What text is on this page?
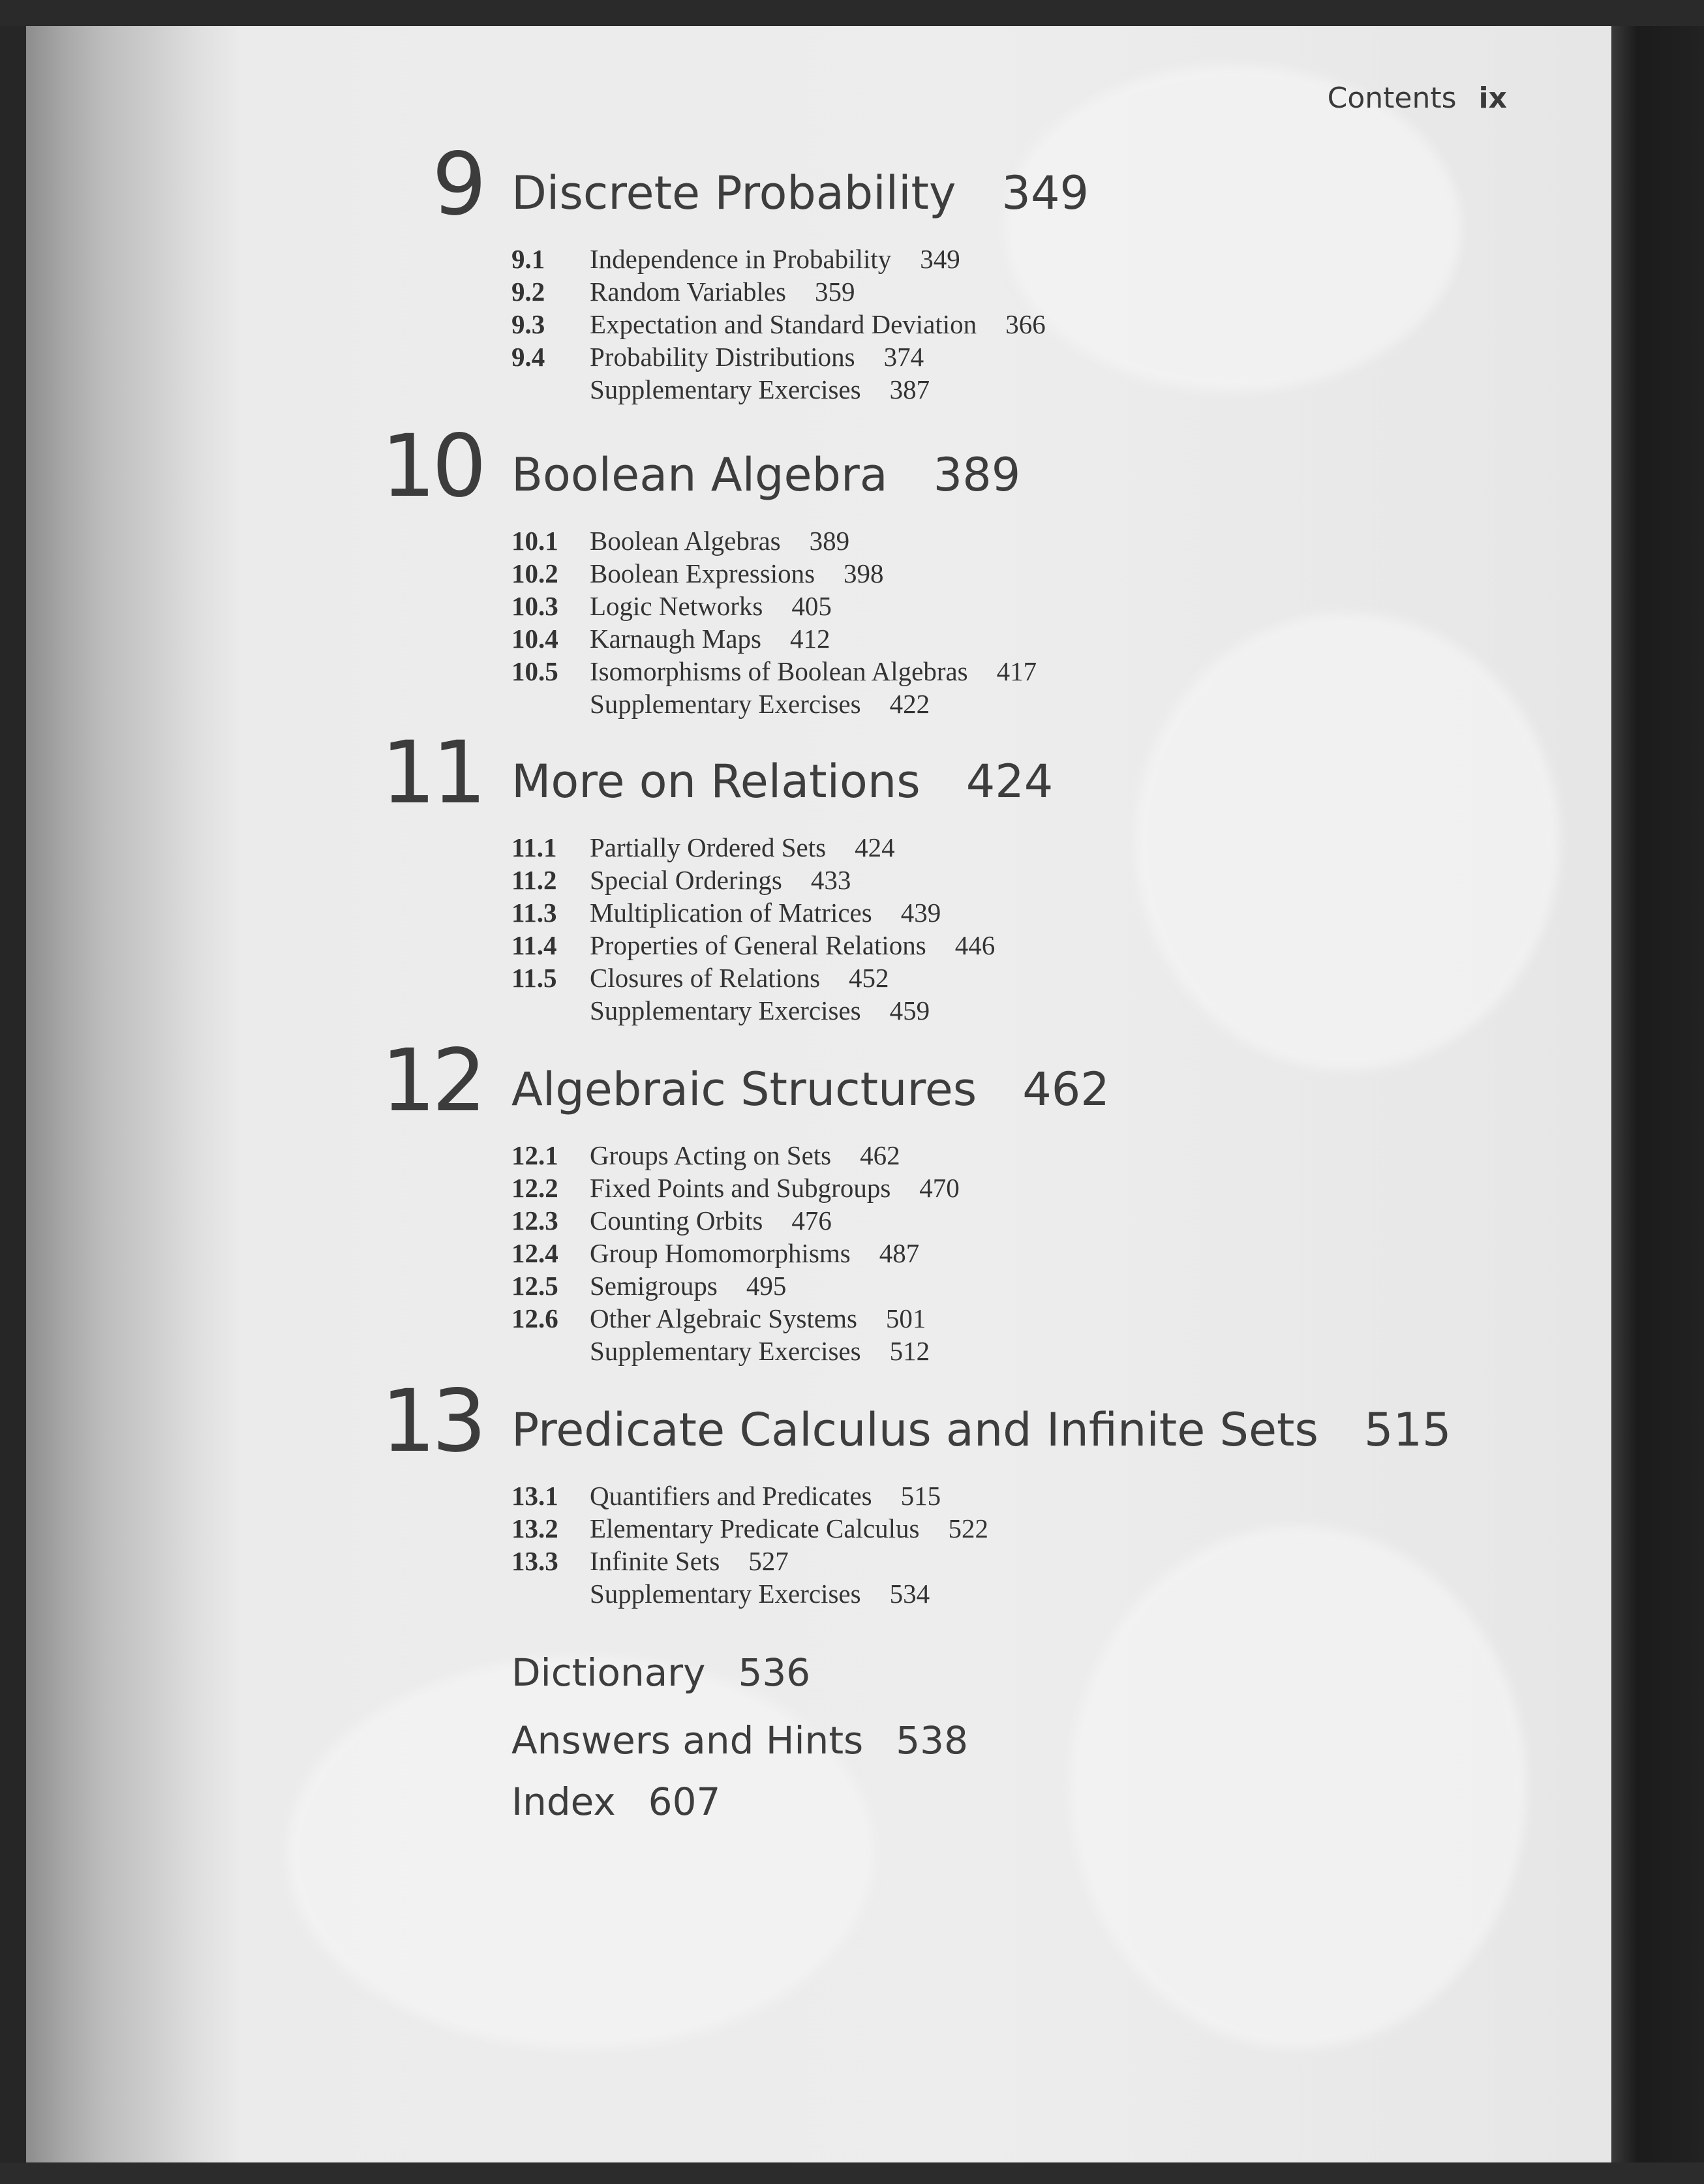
Contents ix
9 Discrete Probability 349
9.1 Independence in Probability 349
9.2 Random Variables 359
9.3 Expectation and Standard Deviation 366
9.4 Probability Distributions 374
Supplementary Exercises 387
10 Boolean Algebra 389
10.1 Boolean Algebras 389
10.2 Boolean Expressions 398
10.3 Logic Networks 405
10.4 Karnaugh Maps 412
10.5 Isomorphisms of Boolean Algebras 417
Supplementary Exercises 422
11 More on Relations 424
11.1 Partially Ordered Sets 424
11.2 Special Orderings 433
11.3 Multiplication of Matrices 439
11.4 Properties of General Relations 446
11.5 Closures of Relations 452
Supplementary Exercises 459
12 Algebraic Structures 462
12.1 Groups Acting on Sets 462
12.2 Fixed Points and Subgroups 470
12.3 Counting Orbits 476
12.4 Group Homomorphisms 487
12.5 Semigroups 495
12.6 Other Algebraic Systems 501
Supplementary Exercises 512
13 Predicate Calculus and Infinite Sets 515
13.1 Quantifiers and Predicates 515
13.2 Elementary Predicate Calculus 522
13.3 Infinite Sets 527
Supplementary Exercises 534
Dictionary 536
Answers and Hints 538
Index 607
